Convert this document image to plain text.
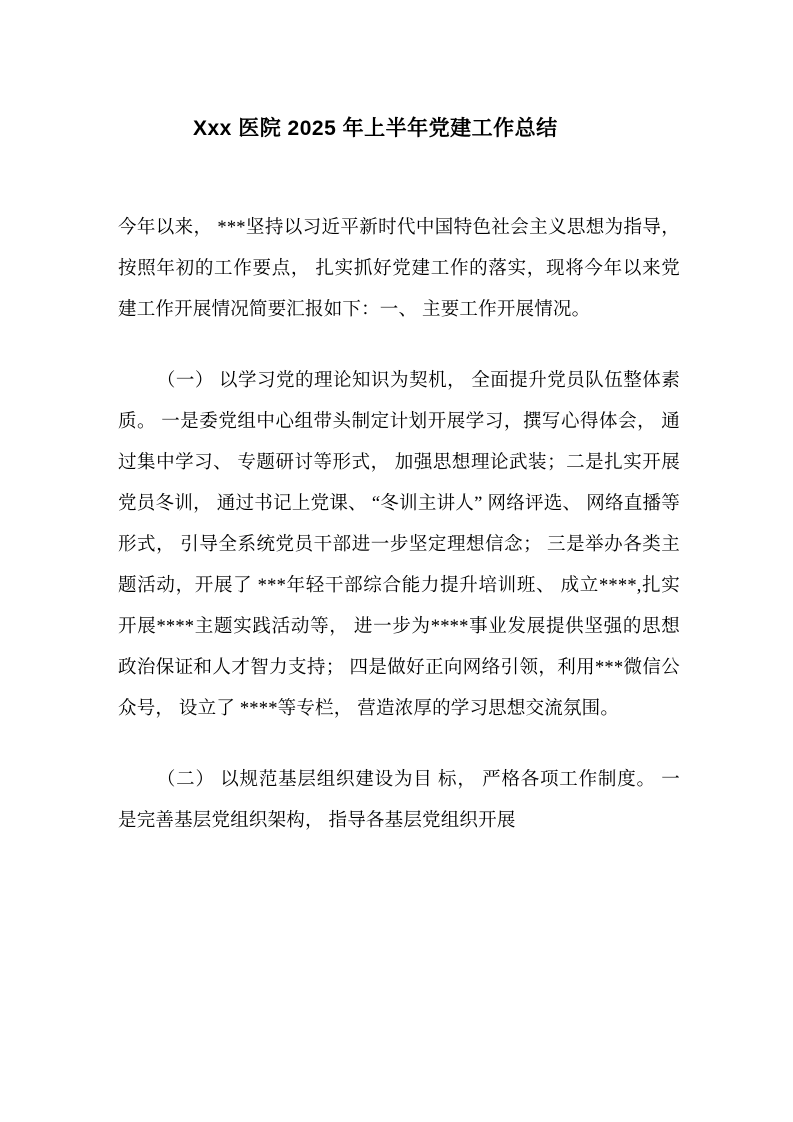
Xxx 医院 2025 年上半年党建工作总结

今年以来， ***坚持以习近平新时代中国特色社会主义思想为指导， 按照年初的工作要点， 扎实抓好党建工作的落实，现将今年以来党建工作开展情况简要汇报如下：一、 主要工作开展情况。

（一） 以学习党的理论知识为契机， 全面提升党员队伍整体素质。 一是委党组中心组带头制定计划开展学习，撰写心得体会， 通过集中学习、 专题研讨等形式， 加强思想理论武装；二是扎实开展党员冬训， 通过书记上党课、 “冬训主讲人” 网络评选、 网络直播等形式， 引导全系统党员干部进一步坚定理想信念； 三是举办各类主题活动，开展了 ***年轻干部综合能力提升培训班、 成立****,扎实开展****主题实践活动等， 进一步为****事业发展提供坚强的思想政治保证和人才智力支持； 四是做好正向网络引领，利用***微信公众号， 设立了 ****等专栏， 营造浓厚的学习思想交流氛围。

（二） 以规范基层组织建设为目 标， 严格各项工作制度。 一是完善基层党组织架构， 指导各基层党组织开展
